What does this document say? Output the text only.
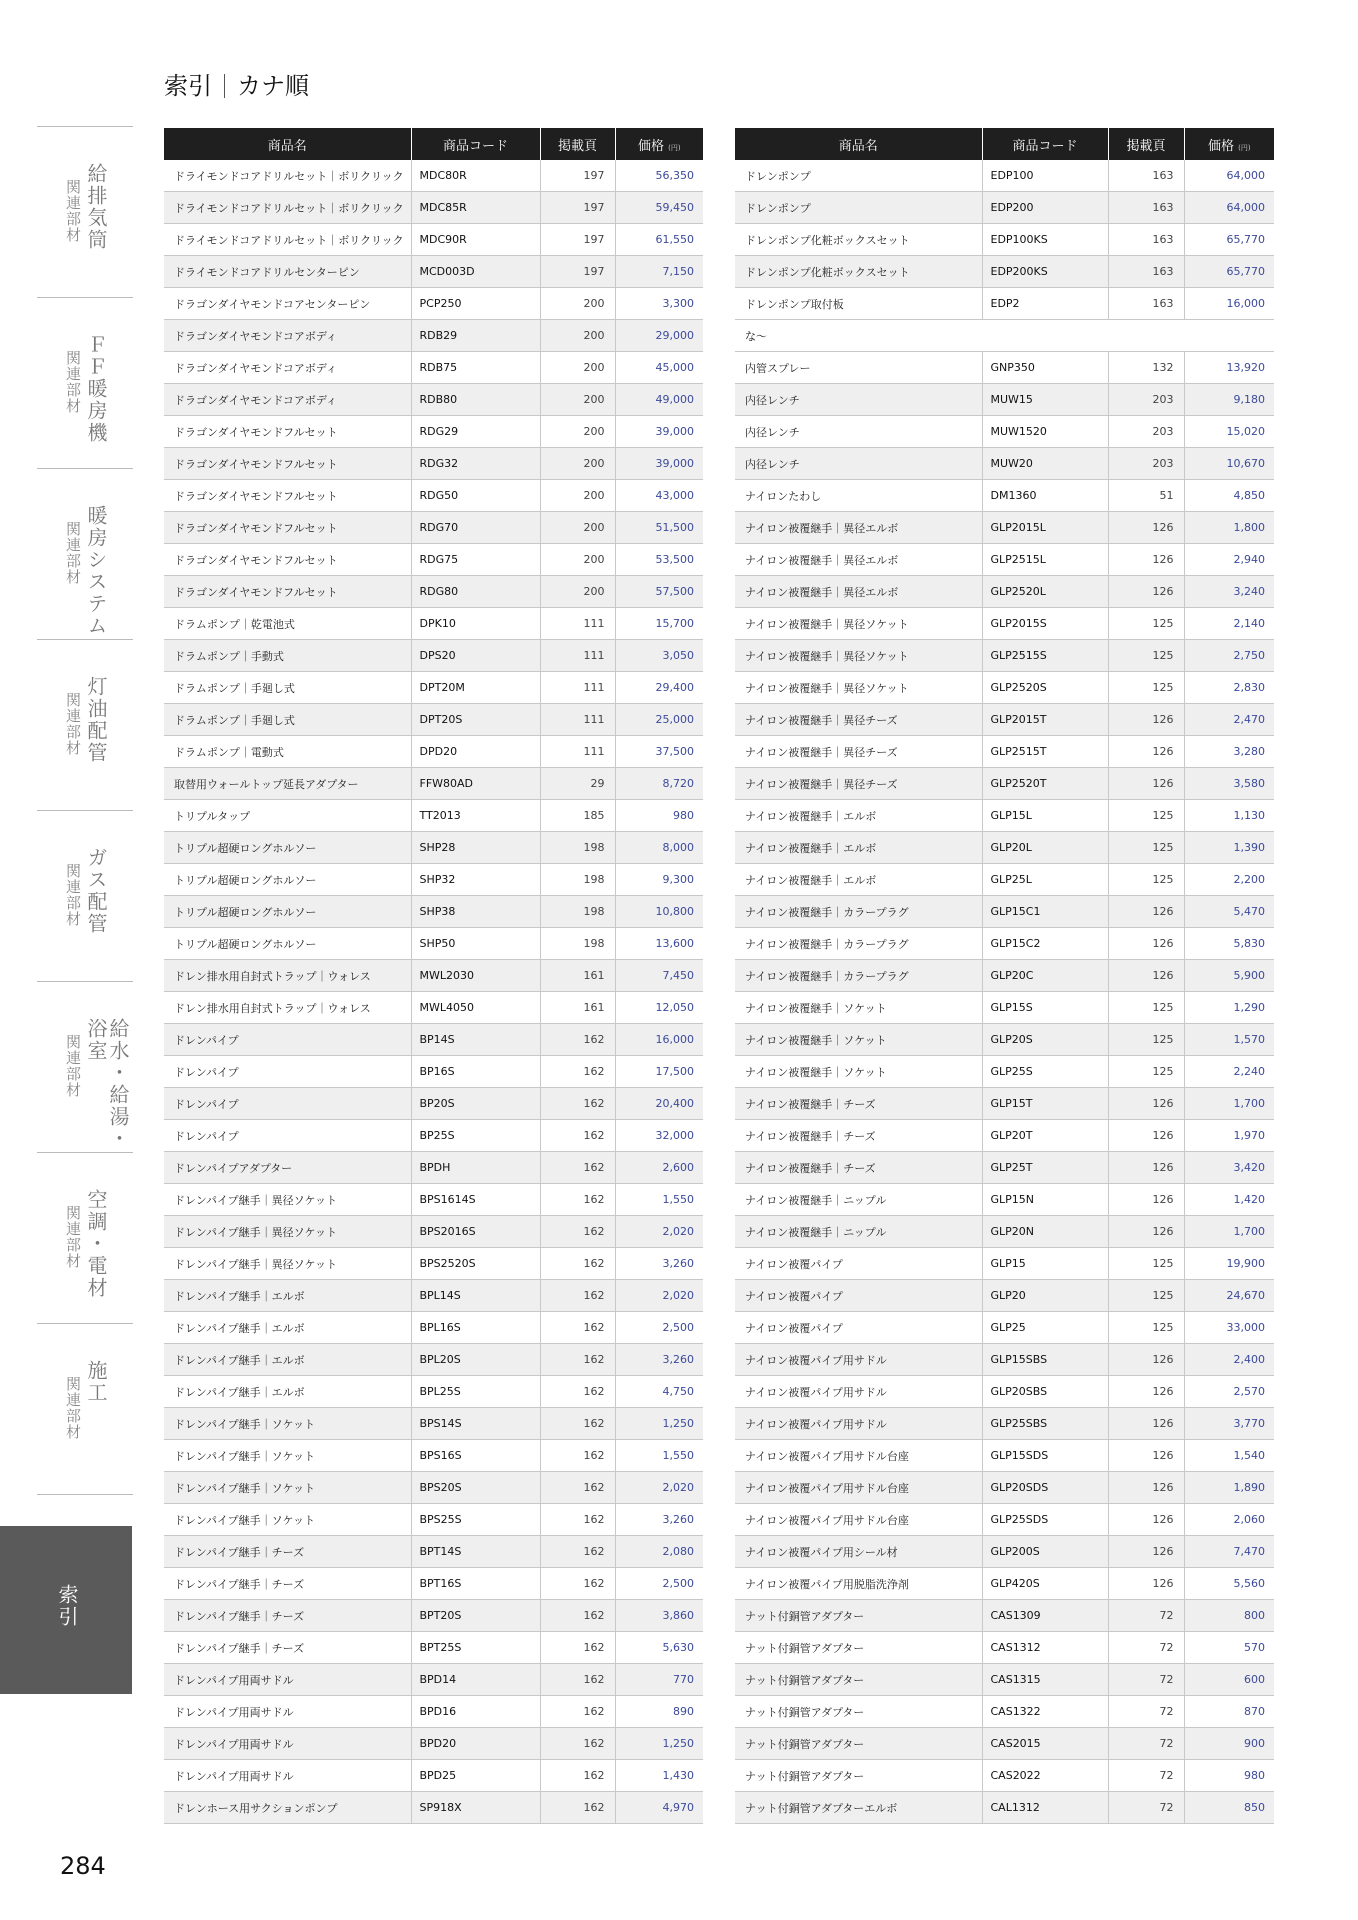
索引 カナ順
給排気筒
関連部材
ＦＦ暖房機
関連部材
暖房システム
関連部材
灯油配管
関連部材
ガス配管
関連部材
給水・給湯・浴室
関連部材
空調・電材
関連部材
施工
関連部材
索引
商品名	商品コード	掲載頁	価格 (円)
ドライモンドコアドリルセット｜ボリクリック	MDC80R	197	56,350
ドライモンドコアドリルセット｜ボリクリック	MDC85R	197	59,450
ドライモンドコアドリルセット｜ボリクリック	MDC90R	197	61,550
ドライモンドコアドリルセンターピン	MCD003D	197	7,150
ドラゴンダイヤモンドコアセンターピン	PCP250	200	3,300
ドラゴンダイヤモンドコアボディ	RDB29	200	29,000
ドラゴンダイヤモンドコアボディ	RDB75	200	45,000
ドラゴンダイヤモンドコアボディ	RDB80	200	49,000
ドラゴンダイヤモンドフルセット	RDG29	200	39,000
ドラゴンダイヤモンドフルセット	RDG32	200	39,000
ドラゴンダイヤモンドフルセット	RDG50	200	43,000
ドラゴンダイヤモンドフルセット	RDG70	200	51,500
ドラゴンダイヤモンドフルセット	RDG75	200	53,500
ドラゴンダイヤモンドフルセット	RDG80	200	57,500
ドラムポンプ｜乾電池式	DPK10	111	15,700
ドラムポンプ｜手動式	DPS20	111	3,050
ドラムポンプ｜手廻し式	DPT20M	111	29,400
ドラムポンプ｜手廻し式	DPT20S	111	25,000
ドラムポンプ｜電動式	DPD20	111	37,500
取替用ウォールトップ延長アダプター	FFW80AD	29	8,720
トリプルタップ	TT2013	185	980
トリプル超硬ロングホルソー	SHP28	198	8,000
トリプル超硬ロングホルソー	SHP32	198	9,300
トリプル超硬ロングホルソー	SHP38	198	10,800
トリプル超硬ロングホルソー	SHP50	198	13,600
ドレン排水用自封式トラップ｜ウォレス	MWL2030	161	7,450
ドレン排水用自封式トラップ｜ウォレス	MWL4050	161	12,050
ドレンパイプ	BP14S	162	16,000
ドレンパイプ	BP16S	162	17,500
ドレンパイプ	BP20S	162	20,400
ドレンパイプ	BP25S	162	32,000
ドレンパイプアダプター	BPDH	162	2,600
ドレンパイプ継手｜異径ソケット	BPS1614S	162	1,550
ドレンパイプ継手｜異径ソケット	BPS2016S	162	2,020
ドレンパイプ継手｜異径ソケット	BPS2520S	162	3,260
ドレンパイプ継手｜エルボ	BPL14S	162	2,020
ドレンパイプ継手｜エルボ	BPL16S	162	2,500
ドレンパイプ継手｜エルボ	BPL20S	162	3,260
ドレンパイプ継手｜エルボ	BPL25S	162	4,750
ドレンパイプ継手｜ソケット	BPS14S	162	1,250
ドレンパイプ継手｜ソケット	BPS16S	162	1,550
ドレンパイプ継手｜ソケット	BPS20S	162	2,020
ドレンパイプ継手｜ソケット	BPS25S	162	3,260
ドレンパイプ継手｜チーズ	BPT14S	162	2,080
ドレンパイプ継手｜チーズ	BPT16S	162	2,500
ドレンパイプ継手｜チーズ	BPT20S	162	3,860
ドレンパイプ継手｜チーズ	BPT25S	162	5,630
ドレンパイプ用両サドル	BPD14	162	770
ドレンパイプ用両サドル	BPD16	162	890
ドレンパイプ用両サドル	BPD20	162	1,250
ドレンパイプ用両サドル	BPD25	162	1,430
ドレンホース用サクションポンプ	SP918X	162	4,970
商品名	商品コード	掲載頁	価格 (円)
ドレンポンプ	EDP100	163	64,000
ドレンポンプ	EDP200	163	64,000
ドレンポンプ化粧ボックスセット	EDP100KS	163	65,770
ドレンポンプ化粧ボックスセット	EDP200KS	163	65,770
ドレンポンプ取付板	EDP2	163	16,000
な～			
内管スプレー	GNP350	132	13,920
内径レンチ	MUW15	203	9,180
内径レンチ	MUW1520	203	15,020
内径レンチ	MUW20	203	10,670
ナイロンたわし	DM1360	51	4,850
ナイロン被覆継手｜異径エルボ	GLP2015L	126	1,800
ナイロン被覆継手｜異径エルボ	GLP2515L	126	2,940
ナイロン被覆継手｜異径エルボ	GLP2520L	126	3,240
ナイロン被覆継手｜異径ソケット	GLP2015S	125	2,140
ナイロン被覆継手｜異径ソケット	GLP2515S	125	2,750
ナイロン被覆継手｜異径ソケット	GLP2520S	125	2,830
ナイロン被覆継手｜異径チーズ	GLP2015T	126	2,470
ナイロン被覆継手｜異径チーズ	GLP2515T	126	3,280
ナイロン被覆継手｜異径チーズ	GLP2520T	126	3,580
ナイロン被覆継手｜エルボ	GLP15L	125	1,130
ナイロン被覆継手｜エルボ	GLP20L	125	1,390
ナイロン被覆継手｜エルボ	GLP25L	125	2,200
ナイロン被覆継手｜カラープラグ	GLP15C1	126	5,470
ナイロン被覆継手｜カラープラグ	GLP15C2	126	5,830
ナイロン被覆継手｜カラープラグ	GLP20C	126	5,900
ナイロン被覆継手｜ソケット	GLP15S	125	1,290
ナイロン被覆継手｜ソケット	GLP20S	125	1,570
ナイロン被覆継手｜ソケット	GLP25S	125	2,240
ナイロン被覆継手｜チーズ	GLP15T	126	1,700
ナイロン被覆継手｜チーズ	GLP20T	126	1,970
ナイロン被覆継手｜チーズ	GLP25T	126	3,420
ナイロン被覆継手｜ニップル	GLP15N	126	1,420
ナイロン被覆継手｜ニップル	GLP20N	126	1,700
ナイロン被覆パイプ	GLP15	125	19,900
ナイロン被覆パイプ	GLP20	125	24,670
ナイロン被覆パイプ	GLP25	125	33,000
ナイロン被覆パイプ用サドル	GLP15SBS	126	2,400
ナイロン被覆パイプ用サドル	GLP20SBS	126	2,570
ナイロン被覆パイプ用サドル	GLP25SBS	126	3,770
ナイロン被覆パイプ用サドル台座	GLP15SDS	126	1,540
ナイロン被覆パイプ用サドル台座	GLP20SDS	126	1,890
ナイロン被覆パイプ用サドル台座	GLP25SDS	126	2,060
ナイロン被覆パイプ用シール材	GLP200S	126	7,470
ナイロン被覆パイプ用脱脂洗浄剤	GLP420S	126	5,560
ナット付銅管アダプター	CAS1309	72	800
ナット付銅管アダプター	CAS1312	72	570
ナット付銅管アダプター	CAS1315	72	600
ナット付銅管アダプター	CAS1322	72	870
ナット付銅管アダプター	CAS2015	72	900
ナット付銅管アダプター	CAS2022	72	980
ナット付銅管アダプターエルボ	CAL1312	72	850
284
